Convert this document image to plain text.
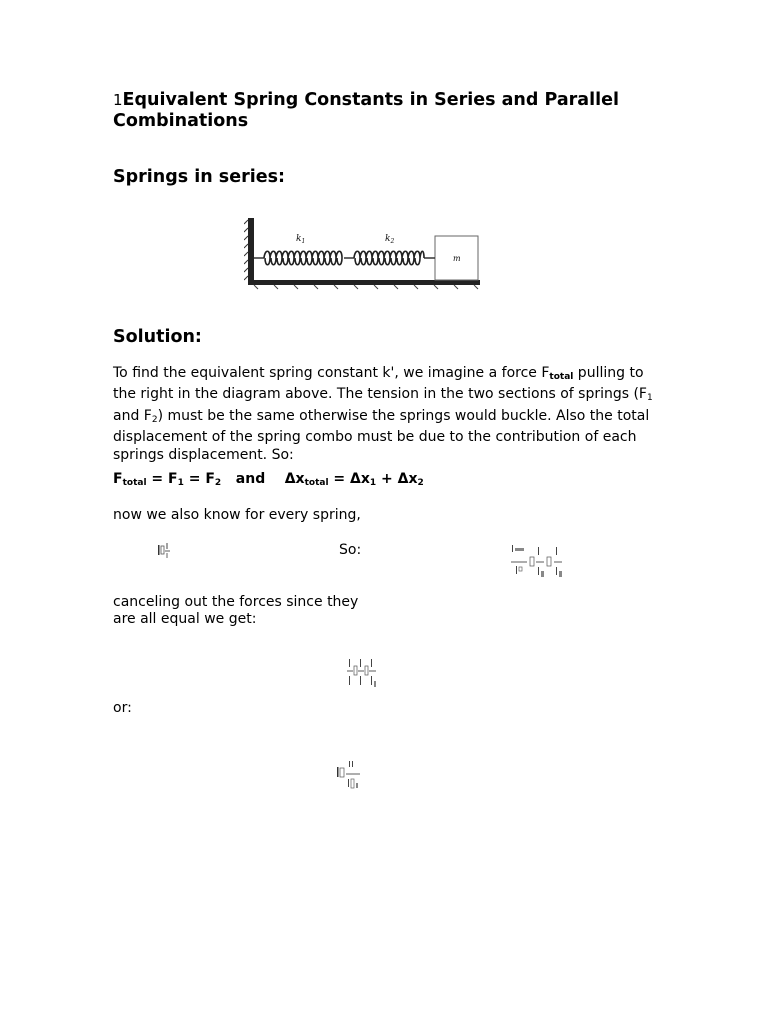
1Equivalent Spring Constants in Series and Parallel Combinations
Springs in series:
$k_1$	$k_2$
m
Solution:
To find the equivalent spring constant k', we imagine a force Ftotal pulling to the right in the diagram above. The tension in the two sections of springs ($F_1$ and $F_2$) must be the same otherwise the springs would buckle. Also the total displacement of the spring combo must be due to the contribution of each springs displacement. So:
Ftotal = F1 = F2   and    Δxtotal = Δx1 + Δx2
now we also know for every spring,
So:
canceling out the forces since they
are all equal we get:
or:
